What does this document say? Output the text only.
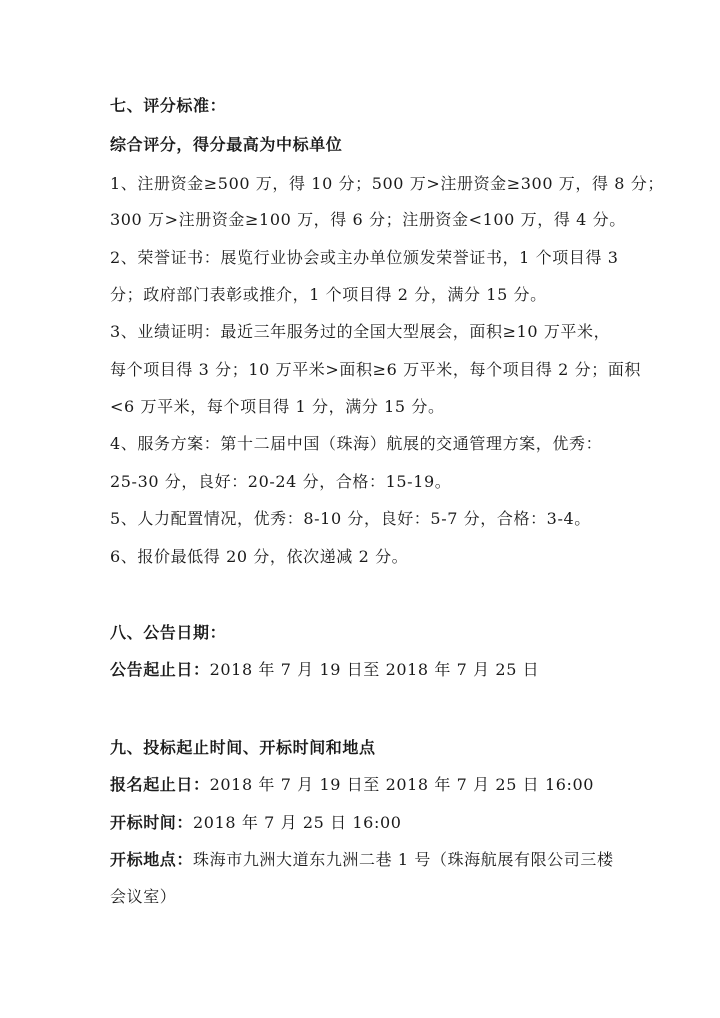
七、评分标准：
综合评分，得分最高为中标单位
1、注册资金≥500 万，得 10 分；500 万>注册资金≥300 万，得 8 分；
300 万>注册资金≥100 万，得 6 分；注册资金<100 万，得 4 分。
2、荣誉证书：展览行业协会或主办单位颁发荣誉证书，1 个项目得 3
分；政府部门表彰或推介，1 个项目得 2 分，满分 15 分。
3、业绩证明：最近三年服务过的全国大型展会，面积≥10 万平米，
每个项目得 3 分；10 万平米>面积≥6 万平米，每个项目得 2 分；面积
<6 万平米，每个项目得 1 分，满分 15 分。
4、服务方案：第十二届中国（珠海）航展的交通管理方案，优秀：
25-30 分，良好：20-24 分，合格：15-19。
5、人力配置情况，优秀：8-10 分，良好：5-7 分，合格：3-4。
6、报价最低得 20 分，依次递减 2 分。
八、公告日期：
公告起止日：2018 年 7 月 19 日至 2018 年 7 月 25 日
九、投标起止时间、开标时间和地点
报名起止日：2018 年 7 月 19 日至 2018 年 7 月 25 日 16:00
开标时间：2018 年 7 月 25 日 16:00
开标地点：珠海市九洲大道东九洲二巷 1 号（珠海航展有限公司三楼
会议室）
